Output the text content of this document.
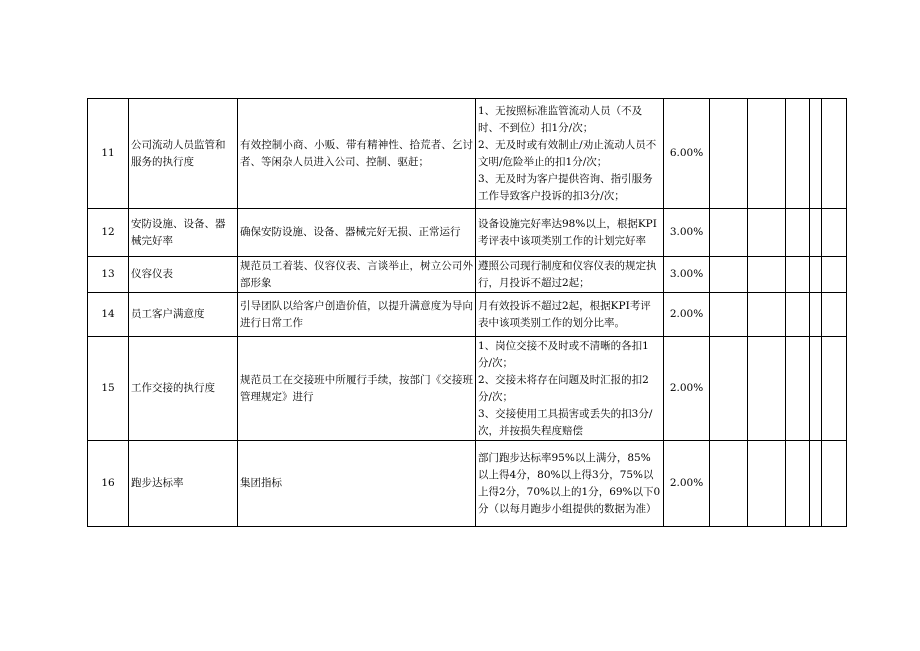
11	公司流动人员监管和服务的执行度	有效控制小商、小贩、带有精神性、拾荒者、乞讨者、等闲杂人员进入公司、控制、驱赶；	1、无按照标准监管流动人员（不及时、不到位）扣1分/次；
2、无及时或有效制止/劝止流动人员不文明/危险举止的扣1分/次；
3、无及时为客户提供咨询、指引服务工作导致客户投诉的扣3分/次；	6.00%					
12	安防设施、设备、器械完好率	确保安防设施、设备、器械完好无损、正常运行	设备设施完好率达98%以上，根据KPI考评表中该项类别工作的计划完好率	3.00%					
13	仪容仪表	规范员工着装、仪容仪表、言谈举止，树立公司外部形象	遵照公司现行制度和仪容仪表的规定执行，月投诉不超过2起；	3.00%					
14	员工客户满意度	引导团队以给客户创造价值，以提升满意度为导向进行日常工作	月有效投诉不超过2起，根据KPI考评表中该项类别工作的划分比率。	2.00%					
15	工作交接的执行度	规范员工在交接班中所履行手续，按部门《交接班管理规定》进行	1、岗位交接不及时或不清晰的各扣1分/次；
2、交接未将存在问题及时汇报的扣2分/次；
3、交接使用工具损害或丢失的扣3分/次，并按损失程度赔偿	2.00%					
16	跑步达标率	集团指标	部门跑步达标率95%以上满分，85%以上得4分，80%以上得3分，75%以上得2分，70%以上的1分，69%以下0分（以每月跑步小组提供的数据为准）	2.00%					
